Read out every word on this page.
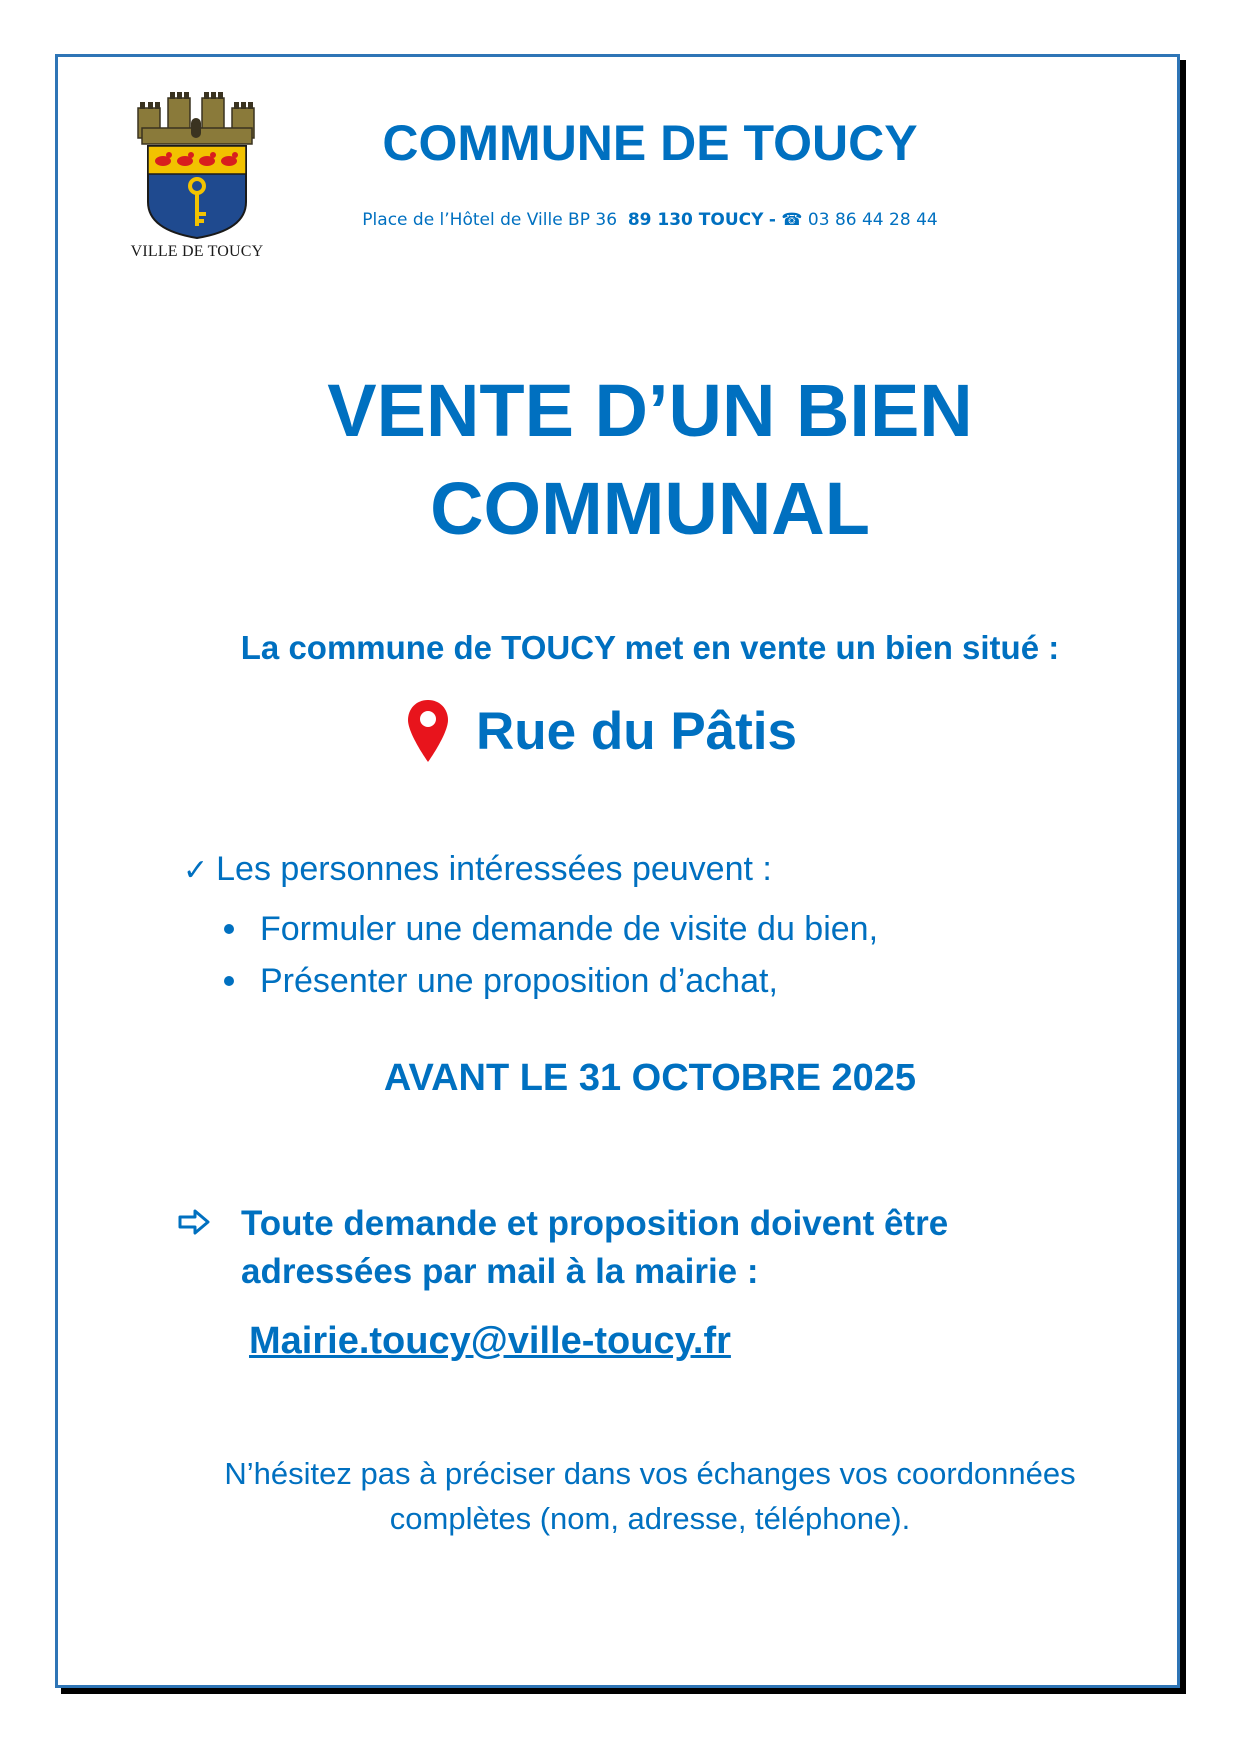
VILLE DE TOUCY
COMMUNE DE TOUCY
Place de l’Hôtel de Ville BP 36 89 130 TOUCY - ☎ 03 86 44 28 44
VENTE D’UN BIEN
COMMUNAL
La commune de TOUCY met en vente un bien situé :
Rue du Pâtis
✓ Les personnes intéressées peuvent :
Formuler une demande de visite du bien,
Présenter une proposition d’achat,
AVANT LE 31 OCTOBRE 2025
Toute demande et proposition doivent être
adressées par mail à la mairie :
Mairie.toucy@ville-toucy.fr
N’hésitez pas à préciser dans vos échanges vos coordonnées
complètes (nom, adresse, téléphone).
